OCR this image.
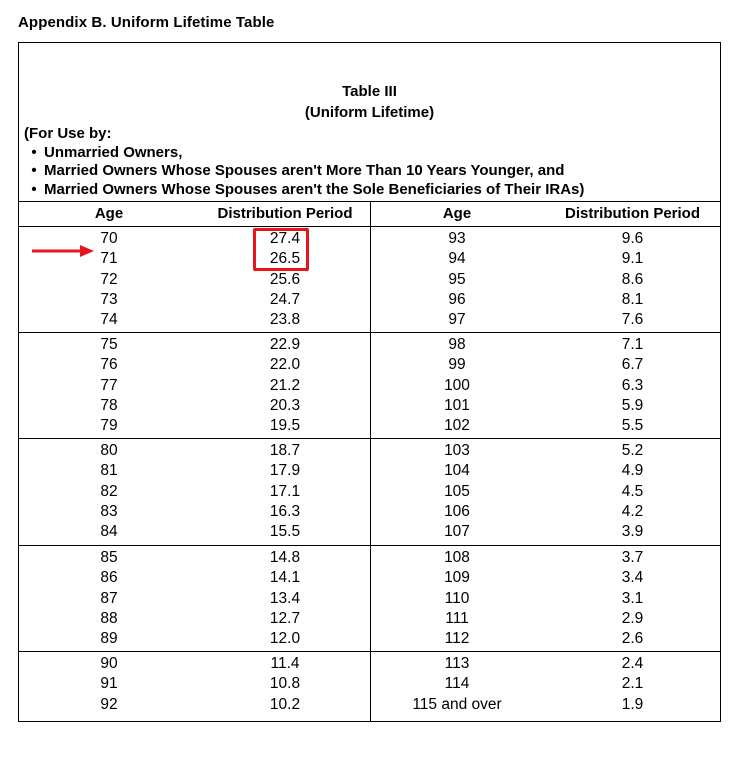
Appendix B. Uniform Lifetime Table
Table III
(Uniform Lifetime)
(For Use by:
• Unmarried Owners,
• Married Owners Whose Spouses aren't More Than 10 Years Younger, and
• Married Owners Whose Spouses aren't the Sole Beneficiaries of Their IRAs)
Age	Distribution Period	Age	Distribution Period
70	27.4	93	9.6
71	26.5	94	9.1
72	25.6	95	8.6
73	24.7	96	8.1
74	23.8	97	7.6
75	22.9	98	7.1
76	22.0	99	6.7
77	21.2	100	6.3
78	20.3	101	5.9
79	19.5	102	5.5
80	18.7	103	5.2
81	17.9	104	4.9
82	17.1	105	4.5
83	16.3	106	4.2
84	15.5	107	3.9
85	14.8	108	3.7
86	14.1	109	3.4
87	13.4	110	3.1
88	12.7	111	2.9
89	12.0	112	2.6
90	11.4	113	2.4
91	10.8	114	2.1
92	10.2	115 and over	1.9
